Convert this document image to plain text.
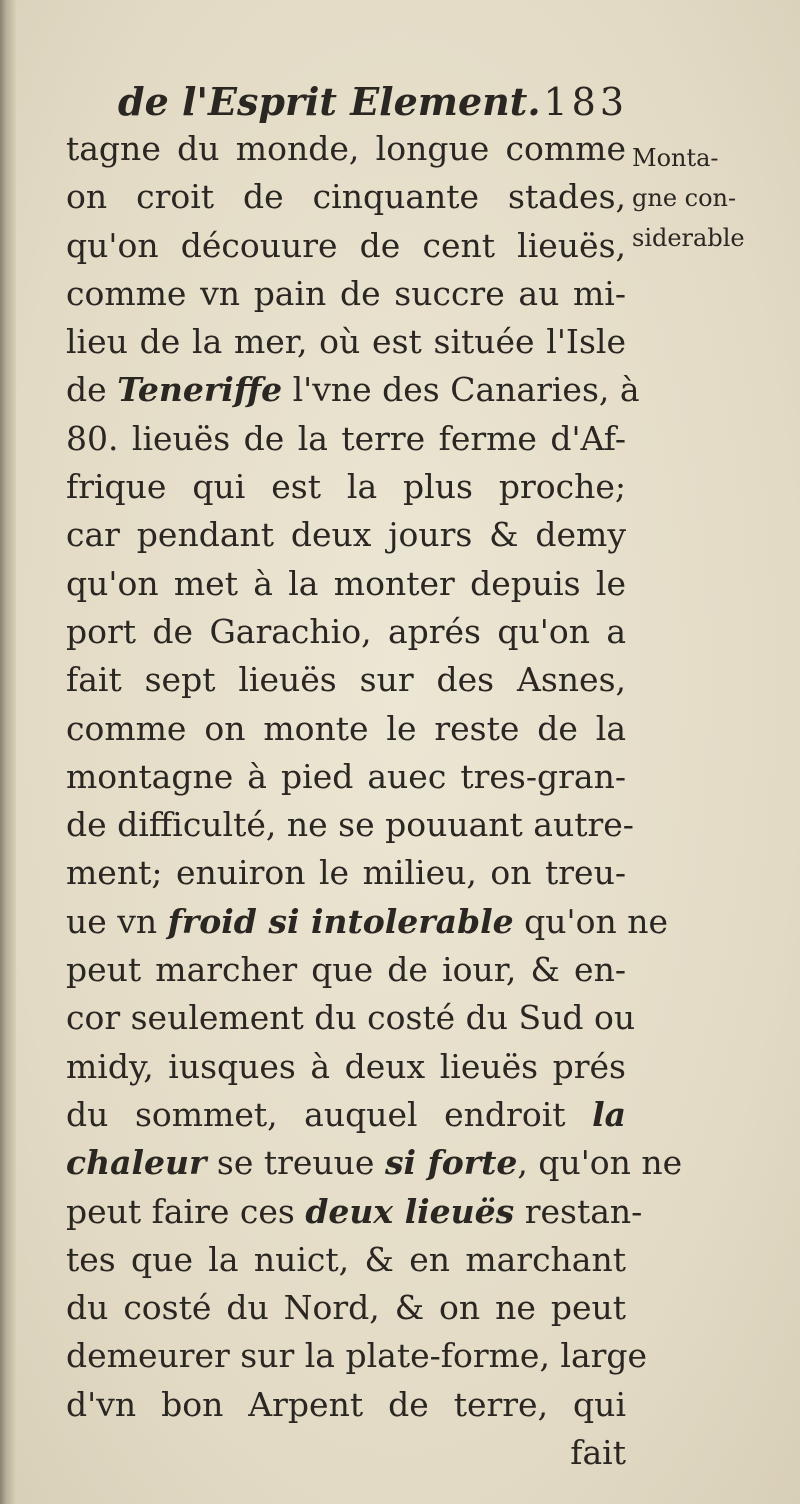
de l'Esprit Element. 183
tagne du monde, longue comme
on croit de cinquante stades,
qu'on découure de cent lieuës,
comme vn pain de succre au mi-
lieu de la mer, où est située l'Isle
de Teneriffe l'vne des Canaries, à
80. lieuës de la terre ferme d'Af-
frique qui est la plus proche;
car pendant deux jours & demy
qu'on met à la monter depuis le
port de Garachio, aprés qu'on a
fait sept lieuës sur des Asnes,
comme on monte le reste de la
montagne à pied auec tres-gran-
de difficulté, ne se pouuant autre-
ment; enuiron le milieu, on treu-
ue vn froid si intolerable qu'on ne
peut marcher que de iour, & en-
cor seulement du costé du Sud ou
midy, iusques à deux lieuës prés
du sommet, auquel endroit la
chaleur se treuue si forte, qu'on ne
peut faire ces deux lieuës restan-
tes que la nuict, & en marchant
du costé du Nord, & on ne peut
demeurer sur la plate-forme, large
d'vn bon Arpent de terre, qui
fait
Monta-
gne con-
siderable
